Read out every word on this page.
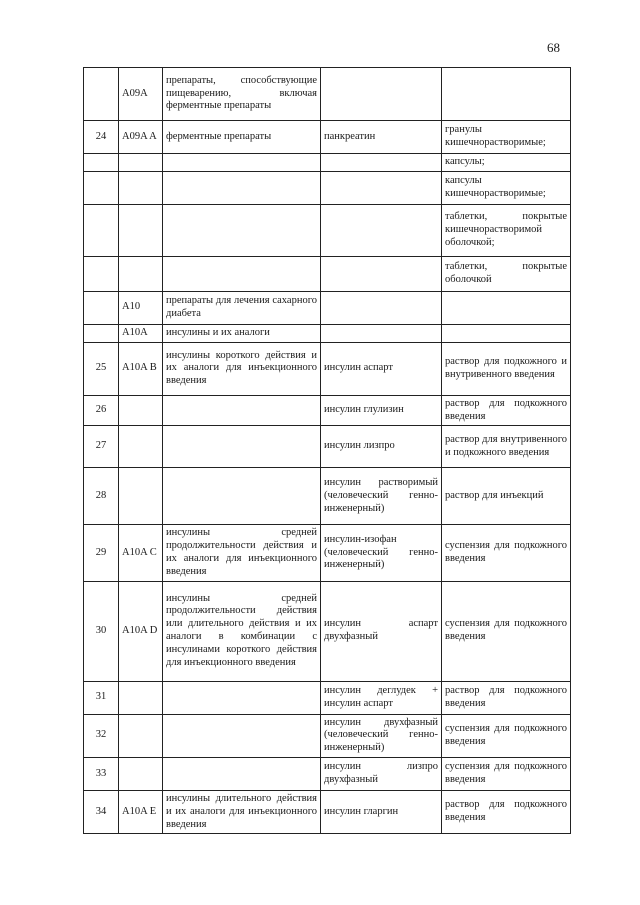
68
	A09A	препараты, способствующие пищеварению, включая ферментные препараты		
24	A09A A	ферментные препараты	панкреатин	гранулы кишечнорастворимые;
				капсулы;
				капсулы кишечнорастворимые;
				таблетки, покрытые кишечнорастворимой оболочкой;
				таблетки, покрытые оболочкой
	A10	препараты для лечения сахарного диабета		
	A10A	инсулины и их аналоги		
25	A10A B	инсулины короткого действия и их аналоги для инъекционного введения	инсулин аспарт	раствор для подкожного и внутривенного введения
26			инсулин глулизин	раствор для подкожного введения
27			инсулин лизпро	раствор для внутривенного и подкожного введения
28			инсулин растворимый (человеческий генно-инженерный)	раствор для инъекций
29	A10A C	инсулины средней продолжительности действия и их аналоги для инъекционного введения	инсулин-изофан (человеческий генно-инженерный)	суспензия для подкожного введения
30	A10A D	инсулины средней продолжительности действия или длительного действия и их аналоги в комбинации с инсулинами короткого действия для инъекционного введения	инсулин аспарт двухфазный	суспензия для подкожного введения
31			инсулин деглудек + инсулин аспарт	раствор для подкожного введения
32			инсулин двухфазный (человеческий генно-инженерный)	суспензия для подкожного введения
33			инсулин лизпро двухфазный	суспензия для подкожного введения
34	A10A E	инсулины длительного действия и их аналоги для инъекционного введения	инсулин гларгин	раствор для подкожного введения
